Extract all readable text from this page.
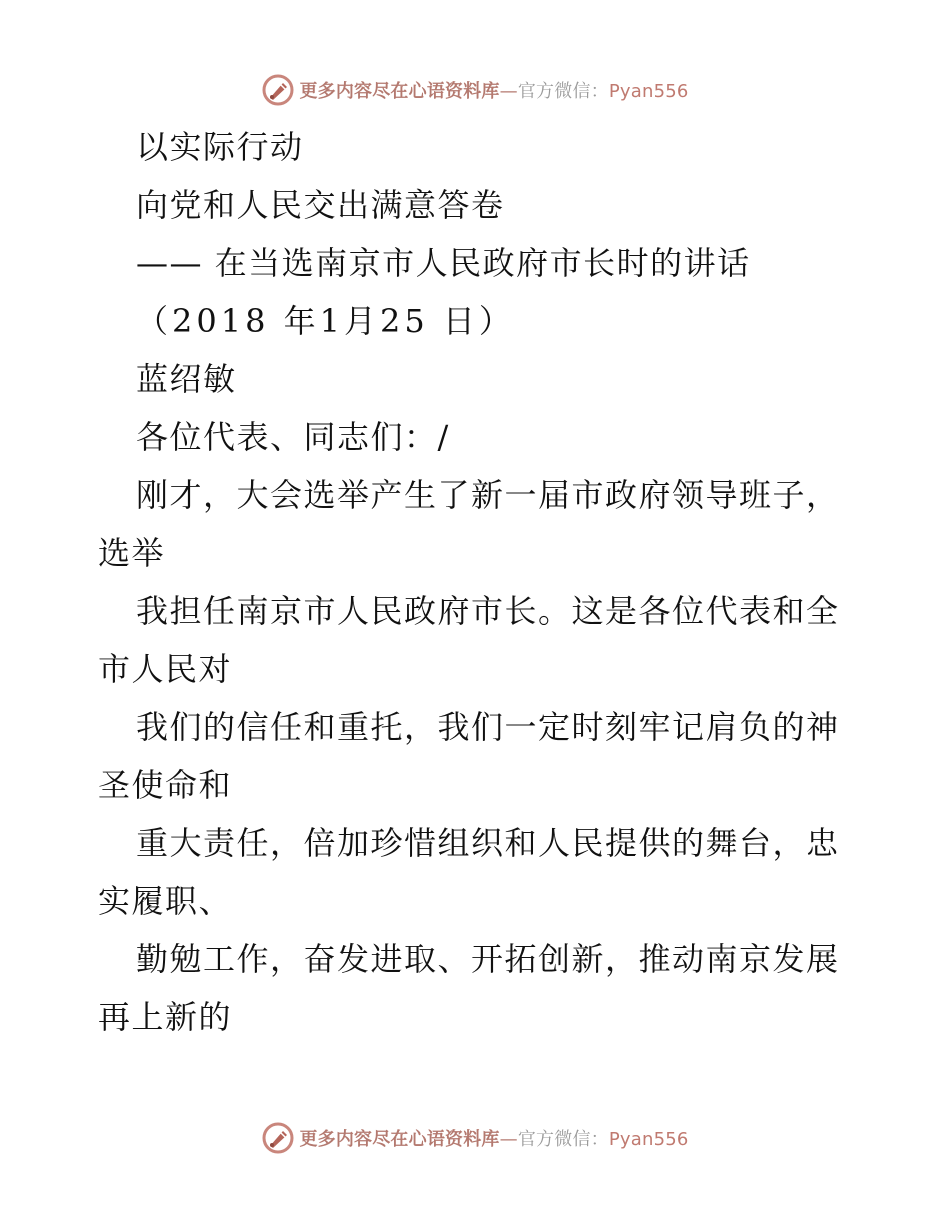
更多内容尽在心语资料库—官方微信：Pyan556
以实际行动
向党和人民交出满意答卷
—— 在当选南京市人民政府市长时的讲话
（2018 年1月25 日）
蓝绍敏
各位代表、同志们：/
刚才，大会选举产生了新一届市政府领导班子，
选举
我担任南京市人民政府市长。这是各位代表和全
市人民对
我们的信任和重托，我们一定时刻牢记肩负的神
圣使命和
重大责任，倍加珍惜组织和人民提供的舞台，忠
实履职、
勤勉工作，奋发进取、开拓创新，推动南京发展
再上新的
更多内容尽在心语资料库—官方微信：Pyan556
